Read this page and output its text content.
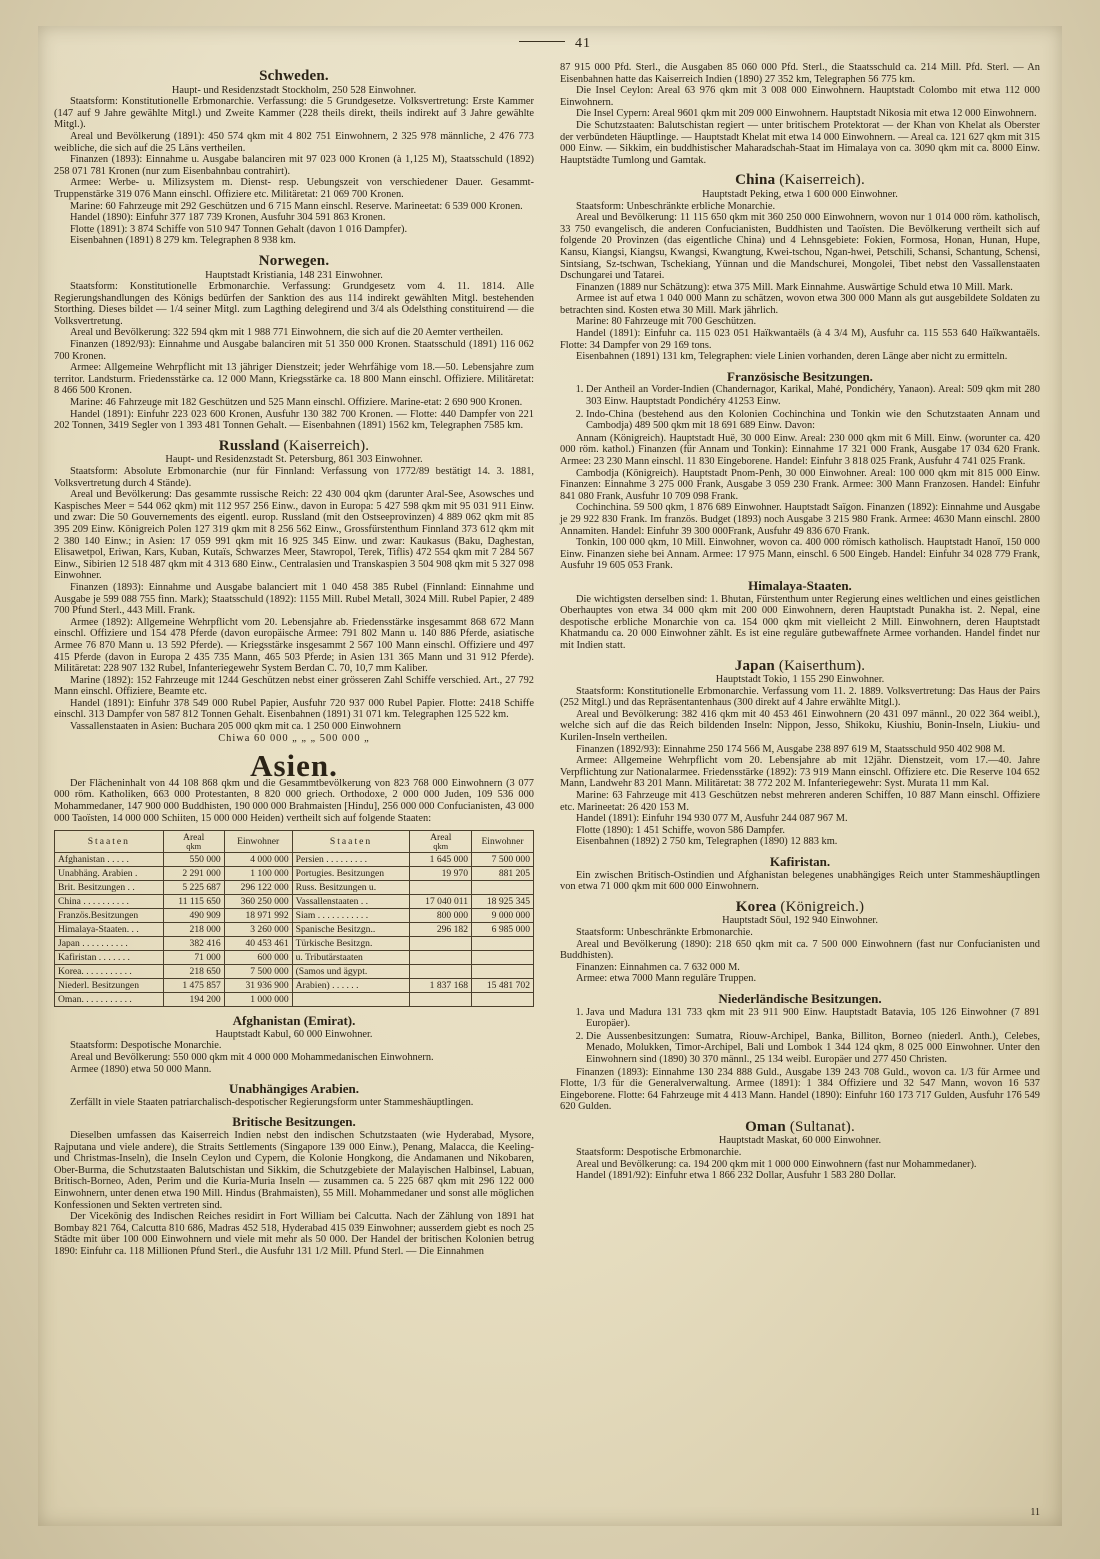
41
Schweden.

Haupt- und Residenzstadt Stockholm, 250 528 Einwohner.

Staatsform: Konstitutionelle Erbmonarchie. Verfassung: die 5 Grundgesetze. Volksvertretung: Erste Kammer (147 auf 9 Jahre gewählte Mitgl.) und Zweite Kammer (228 theils direkt, theils indirekt auf 3 Jahre gewählte Mitgl.).

Areal und Bevölkerung (1891): 450 574 qkm mit 4 802 751 Einwohnern, 2 325 978 männliche, 2 476 773 weibliche, die sich auf die 25 Läns vertheilen.

Finanzen (1893): Einnahme u. Ausgabe balanciren mit 97 023 000 Kronen (à 1,125 M), Staatsschuld (1892) 258 071 781 Kronen (nur zum Eisenbahnbau contrahirt).

Armee: Werbe- u. Milizsystem m. Dienst- resp. Uebungszeit von verschiedener Dauer. Gesammt-Truppenstärke 319 076 Mann einschl. Offiziere etc. Militäretat: 21 069 700 Kronen.

Marine: 60 Fahrzeuge mit 292 Geschützen und 6 715 Mann einschl. Reserve. Marineetat: 6 539 000 Kronen.

Handel (1890): Einfuhr 377 187 739 Kronen, Ausfuhr 304 591 863 Kronen.

Flotte (1891): 3 874 Schiffe von 510 947 Tonnen Gehalt (davon 1 016 Dampfer).

Eisenbahnen (1891) 8 279 km. Telegraphen 8 938 km.

Norwegen.

Hauptstadt Kristiania, 148 231 Einwohner.

Staatsform: Konstitutionelle Erbmonarchie. Verfassung: Grundgesetz vom 4. 11. 1814. Alle Regierungshandlungen des Königs bedürfen der Sanktion des aus 114 indirekt gewählten Mitgl. bestehenden Storthing. Dieses bildet — 1/4 seiner Mitgl. zum Lagthing delegirend und 3/4 als Odelsthing constituirend — die Volksvertretung.

Areal und Bevölkerung: 322 594 qkm mit 1 988 771 Einwohnern, die sich auf die 20 Aemter vertheilen.

Finanzen (1892/93): Einnahme und Ausgabe balanciren mit 51 350 000 Kronen. Staatsschuld (1891) 116 062 700 Kronen.

Armee: Allgemeine Wehrpflicht mit 13 jähriger Dienstzeit; jeder Wehrfähige vom 18.—50. Lebensjahre zum territor. Landsturm. Friedensstärke ca. 12 000 Mann, Kriegsstärke ca. 18 800 Mann einschl. Offiziere. Militäretat: 8 466 500 Kronen.

Marine: 46 Fahrzeuge mit 182 Geschützen und 525 Mann einschl. Offiziere. Marine-etat: 2 690 900 Kronen.

Handel (1891): Einfuhr 223 023 600 Kronen, Ausfuhr 130 382 700 Kronen. — Flotte: 440 Dampfer von 221 202 Tonnen, 3419 Segler von 1 393 481 Tonnen Gehalt. — Eisenbahnen (1891) 1562 km, Telegraphen 7585 km.

Russland (Kaiserreich).

Haupt- und Residenzstadt St. Petersburg, 861 303 Einwohner.

Staatsform: Absolute Erbmonarchie (nur für Finnland: Verfassung von 1772/89 bestätigt 14. 3. 1881, Volksvertretung durch 4 Stände).

Areal und Bevölkerung: Das gesammte russische Reich: 22 430 004 qkm (darunter Aral-See, Asowsches und Kaspisches Meer = 544 062 qkm) mit 112 957 256 Einw., davon in Europa: 5 427 598 qkm mit 95 031 911 Einw. und zwar: Die 50 Gouvernements des eigentl. europ. Russland (mit den Ostseeprovinzen) 4 889 062 qkm mit 85 395 209 Einw. Königreich Polen 127 319 qkm mit 8 256 562 Einw., Grossfürstenthum Finnland 373 612 qkm mit 2 380 140 Einw.; in Asien: 17 059 991 qkm mit 16 925 345 Einw. und zwar: Kaukasus (Baku, Daghestan, Elisawetpol, Eriwan, Kars, Kuban, Kutaïs, Schwarzes Meer, Stawropol, Terek, Tiflis) 472 554 qkm mit 7 284 567 Einw., Sibirien 12 518 487 qkm mit 4 313 680 Einw., Centralasien und Transkaspien 3 504 908 qkm mit 5 327 098 Einwohner.

Finanzen (1893): Einnahme und Ausgabe balanciert mit 1 040 458 385 Rubel (Finnland: Einnahme und Ausgabe je 599 088 755 finn. Mark); Staatsschuld (1892): 1155 Mill. Rubel Metall, 3024 Mill. Rubel Papier, 2 489 700 Pfund Sterl., 443 Mill. Frank.

Armee (1892): Allgemeine Wehrpflicht vom 20. Lebensjahre ab. Friedensstärke insgesammt 868 672 Mann einschl. Offiziere und 154 478 Pferde (davon europäische Armee: 791 802 Mann u. 140 886 Pferde, asiatische Armee 76 870 Mann u. 13 592 Pferde). — Kriegsstärke insgesammt 2 567 100 Mann einschl. Offiziere und 497 415 Pferde (davon in Europa 2 435 735 Mann, 465 503 Pferde; in Asien 131 365 Mann und 31 912 Pferde). Militäretat: 228 907 132 Rubel, Infanteriegewehr System Berdan C. 70, 10,7 mm Kaliber.

Marine (1892): 152 Fahrzeuge mit 1244 Geschützen nebst einer grösseren Zahl Schiffe verschied. Art., 27 792 Mann einschl. Offiziere, Beamte etc.

Handel (1891): Einfuhr 378 549 000 Rubel Papier, Ausfuhr 720 937 000 Rubel Papier. Flotte: 2418 Schiffe einschl. 313 Dampfer von 587 812 Tonnen Gehalt. Eisenbahnen (1891) 31 071 km. Telegraphen 125 522 km.

Vassallenstaaten in Asien: Buchara 205 000 qkm mit ca. 1 250 000 Einwohnern

Chiwa 60 000 „ „ „ 500 000 „

Asien.

Der Flächeninhalt von 44 108 868 qkm und die Gesammtbevölkerung von 823 768 000 Einwohnern (3 077 000 röm. Katholiken, 663 000 Protestanten, 8 820 000 griech. Orthodoxe, 2 000 000 Juden, 109 536 000 Mohammedaner, 147 900 000 Buddhisten, 190 000 000 Brahmaisten [Hindu], 256 000 000 Confucianisten, 43 000 000 Taoïsten, 14 000 000 Schiiten, 15 000 000 Heiden) vertheilt sich auf folgende Staaten:

Staaten	Areal
qkm	Einwohner	Staaten	Areal
qkm	Einwohner
Afghanistan . . . . .	550 000	4 000 000	Persien . . . . . . . . .	1 645 000	7 500 000
Unabhäng. Arabien .	2 291 000	1 100 000	Portugies. Besitzungen	19 970	881 205
Brit. Besitzungen . .	5 225 687	296 122 000	Russ. Besitzungen u.		
China . . . . . . . . . .	11 115 650	360 250 000	Vassallenstaaten . .	17 040 011	18 925 345
Französ.Besitzungen	490 909	18 971 992	Siam . . . . . . . . . . .	800 000	9 000 000
Himalaya-Staaten. . .	218 000	3 260 000	Spanische Besitzgn..	296 182	6 985 000
Japan . . . . . . . . . .	382 416	40 453 461	Türkische Besitzgn.		
Kafiristan . . . . . . .	71 000	600 000	u. Tributärstaaten		
Korea. . . . . . . . . . .	218 650	7 500 000	(Samos und ägypt.		
Niederl. Besitzungen	1 475 857	31 936 900	Arabien) . . . . . .	1 837 168	15 481 702
Oman. . . . . . . . . . .	194 200	1 000 000			
Afghanistan (Emirat).

Hauptstadt Kabul, 60 000 Einwohner.

Staatsform: Despotische Monarchie.

Areal und Bevölkerung: 550 000 qkm mit 4 000 000 Mohammedanischen Einwohnern.

Armee (1890) etwa 50 000 Mann.

Unabhängiges Arabien.

Zerfällt in viele Staaten patriarchalisch-despotischer Regierungsform unter Stammeshäuptlingen.

Britische Besitzungen.

Dieselben umfassen das Kaiserreich Indien nebst den indischen Schutzstaaten (wie Hyderabad, Mysore, Rajputana und viele andere), die Straits Settlements (Singapore 139 000 Einw.), Penang, Malacca, die Keeling- und Christmas-Inseln), die Inseln Ceylon und Cypern, die Kolonie Hongkong, die Andamanen und Nikobaren, Ober-Burma, die Schutzstaaten Balutschistan und Sikkim, die Schutzgebiete der Malayischen Halbinsel, Labuan, Britisch-Borneo, Aden, Perim und die Kuria-Muria Inseln — zusammen ca. 5 225 687 qkm mit 296 122 000 Einwohnern, unter denen etwa 190 Mill. Hindus (Brahmaisten), 55 Mill. Mohammedaner und sonst alle möglichen Konfessionen und Sekten vertreten sind.

Der Vicekönig des Indischen Reiches residirt in Fort William bei Calcutta. Nach der Zählung von 1891 hat Bombay 821 764, Calcutta 810 686, Madras 452 518, Hyderabad 415 039 Einwohner; ausserdem giebt es noch 25 Städte mit über 100 000 Einwohnern und viele mit mehr als 50 000. Der Handel der britischen Kolonien betrug 1890: Einfuhr ca. 118 Millionen Pfund Sterl., die Ausfuhr 131 1/2 Mill. Pfund Sterl. — Die Einnahmen

87 915 000 Pfd. Sterl., die Ausgaben 85 060 000 Pfd. Sterl., die Staatsschuld ca. 214 Mill. Pfd. Sterl. — An Eisenbahnen hatte das Kaiserreich Indien (1890) 27 352 km, Telegraphen 56 775 km.

Die Insel Ceylon: Areal 63 976 qkm mit 3 008 000 Einwohnern. Hauptstadt Colombo mit etwa 112 000 Einwohnern.

Die Insel Cypern: Areal 9601 qkm mit 209 000 Einwohnern. Hauptstadt Nikosia mit etwa 12 000 Einwohnern.

Die Schutzstaaten: Balutschistan regiert — unter britischem Protektorat — der Khan von Khelat als Oberster der verbündeten Häuptlinge. — Hauptstadt Khelat mit etwa 14 000 Einwohnern. — Areal ca. 121 627 qkm mit 315 000 Einw. — Sikkim, ein buddhistischer Maharadschah-Staat im Himalaya von ca. 3090 qkm mit ca. 8000 Einw. Hauptstädte Tumlong und Gamtak.

China (Kaiserreich).

Hauptstadt Peking, etwa 1 600 000 Einwohner.

Staatsform: Unbeschränkte erbliche Monarchie.

Areal und Bevölkerung: 11 115 650 qkm mit 360 250 000 Einwohnern, wovon nur 1 014 000 röm. katholisch, 33 750 evangelisch, die anderen Confucianisten, Buddhisten und Taoïsten. Die Bevölkerung vertheilt sich auf folgende 20 Provinzen (das eigentliche China) und 4 Lehnsgebiete: Fokien, Formosa, Honan, Hunan, Hupe, Kansu, Kiangsi, Kiangsu, Kwangsi, Kwangtung, Kwei-tschou, Ngan-hwei, Petschili, Schansi, Schantung, Schensi, Sintsiang, Sz-tschwan, Tschekiang, Yünnan und die Mandschurei, Mongolei, Tibet nebst den Vassallenstaaten Dschungarei und Tatarei.

Finanzen (1889 nur Schätzung): etwa 375 Mill. Mark Einnahme. Auswärtige Schuld etwa 10 Mill. Mark.

Armee ist auf etwa 1 040 000 Mann zu schätzen, wovon etwa 300 000 Mann als gut ausgebildete Soldaten zu betrachten sind. Kosten etwa 30 Mill. Mark jährlich.

Marine: 80 Fahrzeuge mit 700 Geschützen.

Handel (1891): Einfuhr ca. 115 023 051 Haïkwantaëls (à 4 3/4 M), Ausfuhr ca. 115 553 640 Haïkwantaëls. Flotte: 34 Dampfer von 29 169 tons.

Eisenbahnen (1891) 131 km, Telegraphen: viele Linien vorhanden, deren Länge aber nicht zu ermitteln.

Französische Besitzungen.
1. Der Antheil an Vorder-Indien (Chandernagor, Karikal, Mahé, Pondichéry, Yanaon). Areal: 509 qkm mit 280 303 Einw. Hauptstadt Pondichéry 41253 Einw.
2. Indo-China (bestehend aus den Kolonien Cochinchina und Tonkin wie den Schutzstaaten Annam und Cambodja) 489 500 qkm mit 18 691 689 Einw. Davon:

Annam (Königreich). Hauptstadt Huë, 30 000 Einw. Areal: 230 000 qkm mit 6 Mill. Einw. (worunter ca. 420 000 röm. kathol.) Finanzen (für Annam und Tonkin): Einnahme 17 321 000 Frank, Ausgabe 17 034 620 Frank. Armee: 23 230 Mann einschl. 11 830 Eingeborene. Handel: Einfuhr 3 818 025 Frank, Ausfuhr 4 741 025 Frank.

Cambodja (Königreich). Hauptstadt Pnom-Penh, 30 000 Einwohner. Areal: 100 000 qkm mit 815 000 Einw. Finanzen: Einnahme 3 275 000 Frank, Ausgabe 3 059 230 Frank. Armee: 300 Mann Franzosen. Handel: Einfuhr 841 080 Frank, Ausfuhr 10 709 098 Frank.

Cochinchina. 59 500 qkm, 1 876 689 Einwohner. Hauptstadt Saïgon. Finanzen (1892): Einnahme und Ausgabe je 29 922 830 Frank. Im französ. Budget (1893) noch Ausgabe 3 215 980 Frank. Armee: 4630 Mann einschl. 2800 Annamiten. Handel: Einfuhr 39 300 000Frank, Ausfuhr 49 836 670 Frank.

Tonkin, 100 000 qkm, 10 Mill. Einwohner, wovon ca. 400 000 römisch katholisch. Hauptstadt Hanoï, 150 000 Einw. Finanzen siehe bei Annam. Armee: 17 975 Mann, einschl. 6 500 Eingeb. Handel: Einfuhr 34 028 779 Frank, Ausfuhr 19 605 053 Frank.

Himalaya-Staaten.

Die wichtigsten derselben sind: 1. Bhutan, Fürstenthum unter Regierung eines weltlichen und eines geistlichen Oberhauptes von etwa 34 000 qkm mit 200 000 Einwohnern, deren Hauptstadt Punakha ist. 2. Nepal, eine despotische erbliche Monarchie von ca. 154 000 qkm mit vielleicht 2 Mill. Einwohnern, deren Hauptstadt Khatmandu ca. 20 000 Einwohner zählt. Es ist eine reguläre gutbewaffnete Armee vorhanden. Handel findet nur mit Indien statt.

Japan (Kaiserthum).

Hauptstadt Tokio, 1 155 290 Einwohner.

Staatsform: Konstitutionelle Erbmonarchie. Verfassung vom 11. 2. 1889. Volksvertretung: Das Haus der Pairs (252 Mitgl.) und das Repräsentantenhaus (300 direkt auf 4 Jahre erwählte Mitgl.).

Areal und Bevölkerung: 382 416 qkm mit 40 453 461 Einwohnern (20 431 097 männl., 20 022 364 weibl.), welche sich auf die das Reich bildenden Inseln: Nippon, Jesso, Shikoku, Kiushiu, Bonin-Inseln, Liukiu- und Kurilen-Inseln vertheilen.

Finanzen (1892/93): Einnahme 250 174 566 M, Ausgabe 238 897 619 M, Staatsschuld 950 402 908 M.

Armee: Allgemeine Wehrpflicht vom 20. Lebensjahre ab mit 12jähr. Dienstzeit, vom 17.—40. Jahre Verpflichtung zur Nationalarmee. Friedensstärke (1892): 73 919 Mann einschl. Offiziere etc. Die Reserve 104 652 Mann, Landwehr 83 201 Mann. Militäretat: 38 772 202 M. Infanteriegewehr: Syst. Murata 11 mm Kal.

Marine: 63 Fahrzeuge mit 413 Geschützen nebst mehreren anderen Schiffen, 10 887 Mann einschl. Offiziere etc. Marineetat: 26 420 153 M.

Handel (1891): Einfuhr 194 930 077 M, Ausfuhr 244 087 967 M.

Flotte (1890): 1 451 Schiffe, wovon 586 Dampfer.

Eisenbahnen (1892) 2 750 km, Telegraphen (1890) 12 883 km.

Kafiristan.

Ein zwischen Britisch-Ostindien und Afghanistan belegenes unabhängiges Reich unter Stammeshäuptlingen von etwa 71 000 qkm mit 600 000 Einwohnern.

Korea (Königreich.)

Hauptstadt Söul, 192 940 Einwohner.

Staatsform: Unbeschränkte Erbmonarchie.

Areal und Bevölkerung (1890): 218 650 qkm mit ca. 7 500 000 Einwohnern (fast nur Confucianisten und Buddhisten).

Finanzen: Einnahmen ca. 7 632 000 M.

Armee: etwa 7000 Mann reguläre Truppen.

Niederländische Besitzungen.
1. Java und Madura 131 733 qkm mit 23 911 900 Einw. Hauptstadt Batavia, 105 126 Einwohner (7 891 Europäer).
2. Die Aussenbesitzungen: Sumatra, Riouw-Archipel, Banka, Billiton, Borneo (niederl. Anth.), Celebes, Menado, Molukken, Timor-Archipel, Bali und Lombok 1 344 124 qkm, 8 025 000 Einwohner. Unter den Einwohnern sind (1890) 30 370 männl., 25 134 weibl. Europäer und 277 450 Christen.

Finanzen (1893): Einnahme 130 234 888 Guld., Ausgabe 139 243 708 Guld., wovon ca. 1/3 für Armee und Flotte, 1/3 für die Generalverwaltung. Armee (1891): 1 384 Offiziere und 32 547 Mann, wovon 16 537 Eingeborene. Flotte: 64 Fahrzeuge mit 4 413 Mann. Handel (1890): Einfuhr 160 173 717 Gulden, Ausfuhr 176 549 620 Gulden.

Oman (Sultanat).

Hauptstadt Maskat, 60 000 Einwohner.

Staatsform: Despotische Erbmonarchie.

Areal und Bevölkerung: ca. 194 200 qkm mit 1 000 000 Einwohnern (fast nur Mohammedaner).

Handel (1891/92): Einfuhr etwa 1 866 232 Dollar, Ausfuhr 1 583 280 Dollar.

11
